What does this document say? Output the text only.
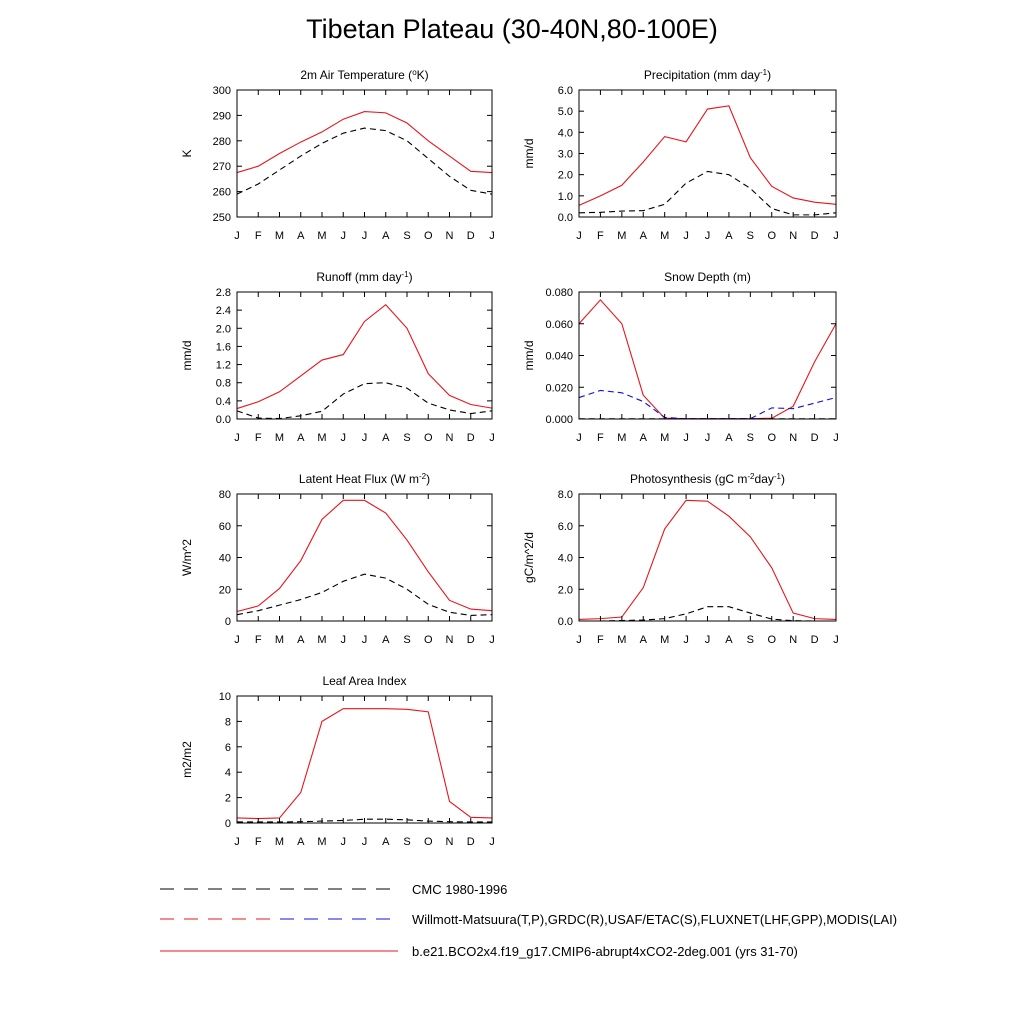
Tibetan Plateau (30-40N,80-100E)
J F M A M J J A S O N D J
250
260
270
280
290
300
2m Air Temperature ($^o$K)
K
J F M A M J J A S O N D J
0.0
1.0
2.0
3.0
4.0
5.0
6.0
Precipitation (mm day$^{-1}$)
mm/d
J F M A M J J A S O N D J
0.0
0.4
0.8
1.2
1.6
2.0
2.4
2.8
Runoff (mm day$^{-1}$)
mm/d
J F M A M J J A S O N D J
0.000
0.020
0.040
0.060
0.080
Snow Depth (m)
mm/d
J F M A M J J A S O N D J
0
20
40
60
80
Latent Heat Flux (W $m^{-2}$)
W/m^2
J F M A M J J A S O N D J
0.0
2.0
4.0
6.0
8.0
Photosynthesis (gC $m^{-2}day^{-1}$)
gC/m^2/d
J F M A M J J A S O N D J
0
2
4
6
8
10
Leaf Area Index
m2/m2
CMC 1980-1996
Willmott-Matsuura(T,P),GRDC(R),USAF/ETAC(S),FLUXNET(LHF,GPP),MODIS(LAI)
b.e21.BCO2x4.f19_g17.CMIP6-abrupt4xCO2-2deg.001 (yrs 31-70)
